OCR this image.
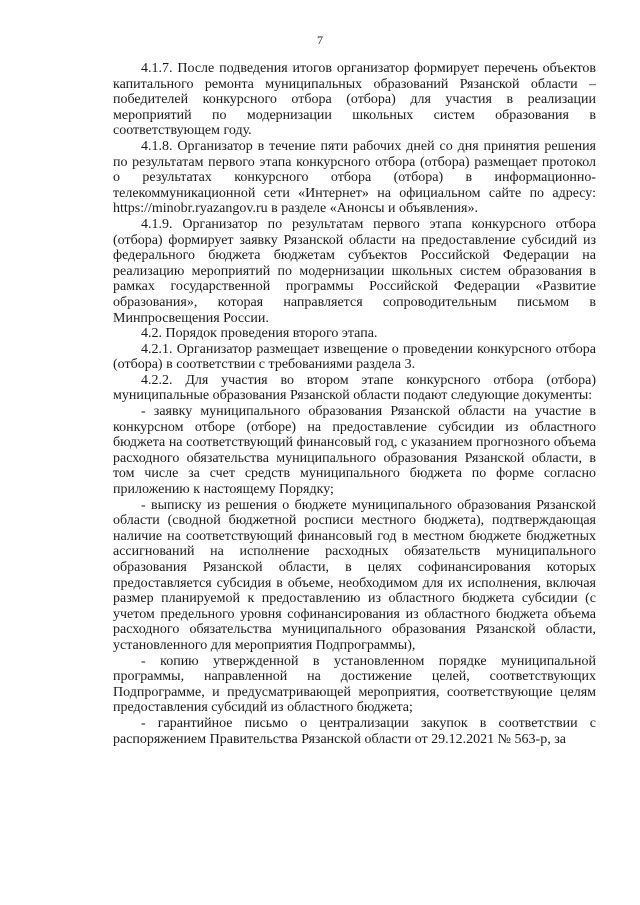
7

4.1.7. После подведения итогов организатор формирует перечень объектов капитального ремонта муниципальных образований Рязанской области – победителей конкурсного отбора (отбора) для участия в реализации мероприятий по модернизации школьных систем образования в соответствующем году.

4.1.8. Организатор в течение пяти рабочих дней со дня принятия решения по результатам первого этапа конкурсного отбора (отбора) размещает протокол о результатах конкурсного отбора (отбора) в информационно-телекоммуникационной сети «Интернет» на официальном сайте по адресу: https://minobr.ryazangov.ru в разделе «Анонсы и объявления».

4.1.9. Организатор по результатам первого этапа конкурсного отбора (отбора) формирует заявку Рязанской области на предоставление субсидий из федерального бюджета бюджетам субъектов Российской Федерации на реализацию мероприятий по модернизации школьных систем образования в рамках государственной программы Российской Федерации «Развитие образования», которая направляется сопроводительным письмом в Минпросвещения России.

4.2. Порядок проведения второго этапа.

4.2.1. Организатор размещает извещение о проведении конкурсного отбора (отбора) в соответствии с требованиями раздела 3.

4.2.2. Для участия во втором этапе конкурсного отбора (отбора) муниципальные образования Рязанской области подают следующие документы:

- заявку муниципального образования Рязанской области на участие в конкурсном отборе (отборе) на предоставление субсидии из областного бюджета на соответствующий финансовый год, с указанием прогнозного объема расходного обязательства муниципального образования Рязанской области, в том числе за счет средств муниципального бюджета по форме согласно приложению к настоящему Порядку;

- выписку из решения о бюджете муниципального образования Рязанской области (сводной бюджетной росписи местного бюджета), подтверждающая наличие на соответствующий финансовый год в местном бюджете бюджетных ассигнований на исполнение расходных обязательств муниципального образования Рязанской области, в целях софинансирования которых предоставляется субсидия в объеме, необходимом для их исполнения, включая размер планируемой к предоставлению из областного бюджета субсидии (с учетом предельного уровня софинансирования из областного бюджета объема расходного обязательства муниципального образования Рязанской области, установленного для мероприятия Подпрограммы),

- копию утвержденной в установленном порядке муниципальной программы, направленной на достижение целей, соответствующих Подпрограмме, и предусматривающей мероприятия, соответствующие целям предоставления субсидий из областного бюджета;

- гарантийное письмо о централизации закупок в соответствии с распоряжением Правительства Рязанской области от 29.12.2021 № 563-р, за
